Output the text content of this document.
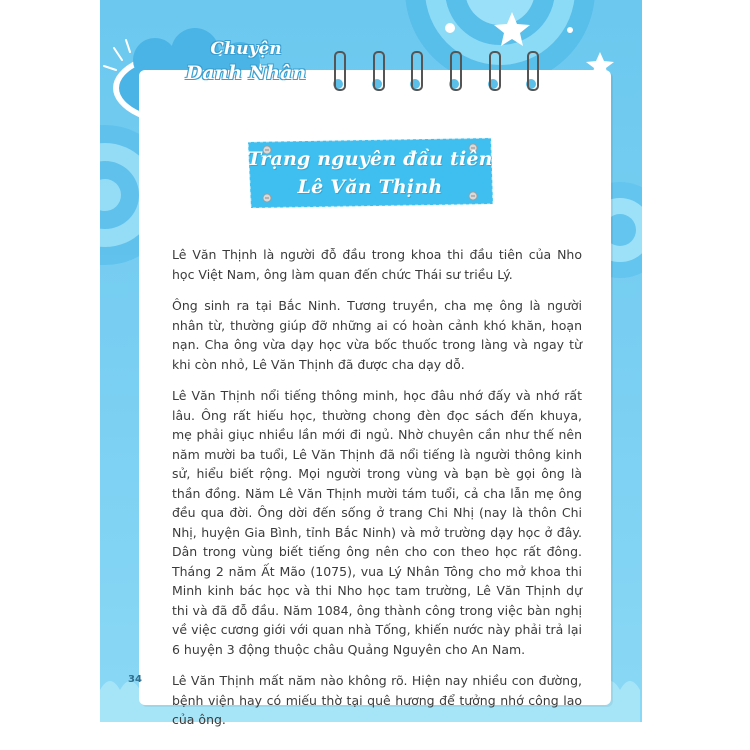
Chuyện
Danh Nhân
Trạng nguyên đầu tiên
Lê Văn Thịnh

Lê Văn Thịnh là người đỗ đầu trong khoa thi đầu tiên của Nho học Việt Nam, ông làm quan đến chức Thái sư triều Lý.

Ông sinh ra tại Bắc Ninh. Tương truyền, cha mẹ ông là người nhân từ, thường giúp đỡ những ai có hoàn cảnh khó khăn, hoạn nạn. Cha ông vừa dạy học vừa bốc thuốc trong làng và ngay từ khi còn nhỏ, Lê Văn Thịnh đã được cha dạy dỗ.

Lê Văn Thịnh nổi tiếng thông minh, học đâu nhớ đấy và nhớ rất lâu. Ông rất hiếu học, thường chong đèn đọc sách đến khuya, mẹ phải giục nhiều lần mới đi ngủ. Nhờ chuyên cần như thế nên năm mười ba tuổi, Lê Văn Thịnh đã nổi tiếng là người thông kinh sử, hiểu biết rộng. Mọi người trong vùng và bạn bè gọi ông là thần đồng. Năm Lê Văn Thịnh mười tám tuổi, cả cha lẫn mẹ ông đều qua đời. Ông dời đến sống ở trang Chi Nhị (nay là thôn Chi Nhị, huyện Gia Bình, tỉnh Bắc Ninh) và mở trường dạy học ở đây. Dân trong vùng biết tiếng ông nên cho con theo học rất đông. Tháng 2 năm Ất Mão (1075), vua Lý Nhân Tông cho mở khoa thi Minh kinh bác học và thi Nho học tam trường, Lê Văn Thịnh dự thi và đã đỗ đầu. Năm 1084, ông thành công trong việc bàn nghị về việc cương giới với quan nhà Tống, khiến nước này phải trả lại 6 huyện 3 động thuộc châu Quảng Nguyên cho An Nam.

Lê Văn Thịnh mất năm nào không rõ. Hiện nay nhiều con đường, bệnh viện hay có miếu thờ tại quê hương để tưởng nhớ công lao của ông.

34
